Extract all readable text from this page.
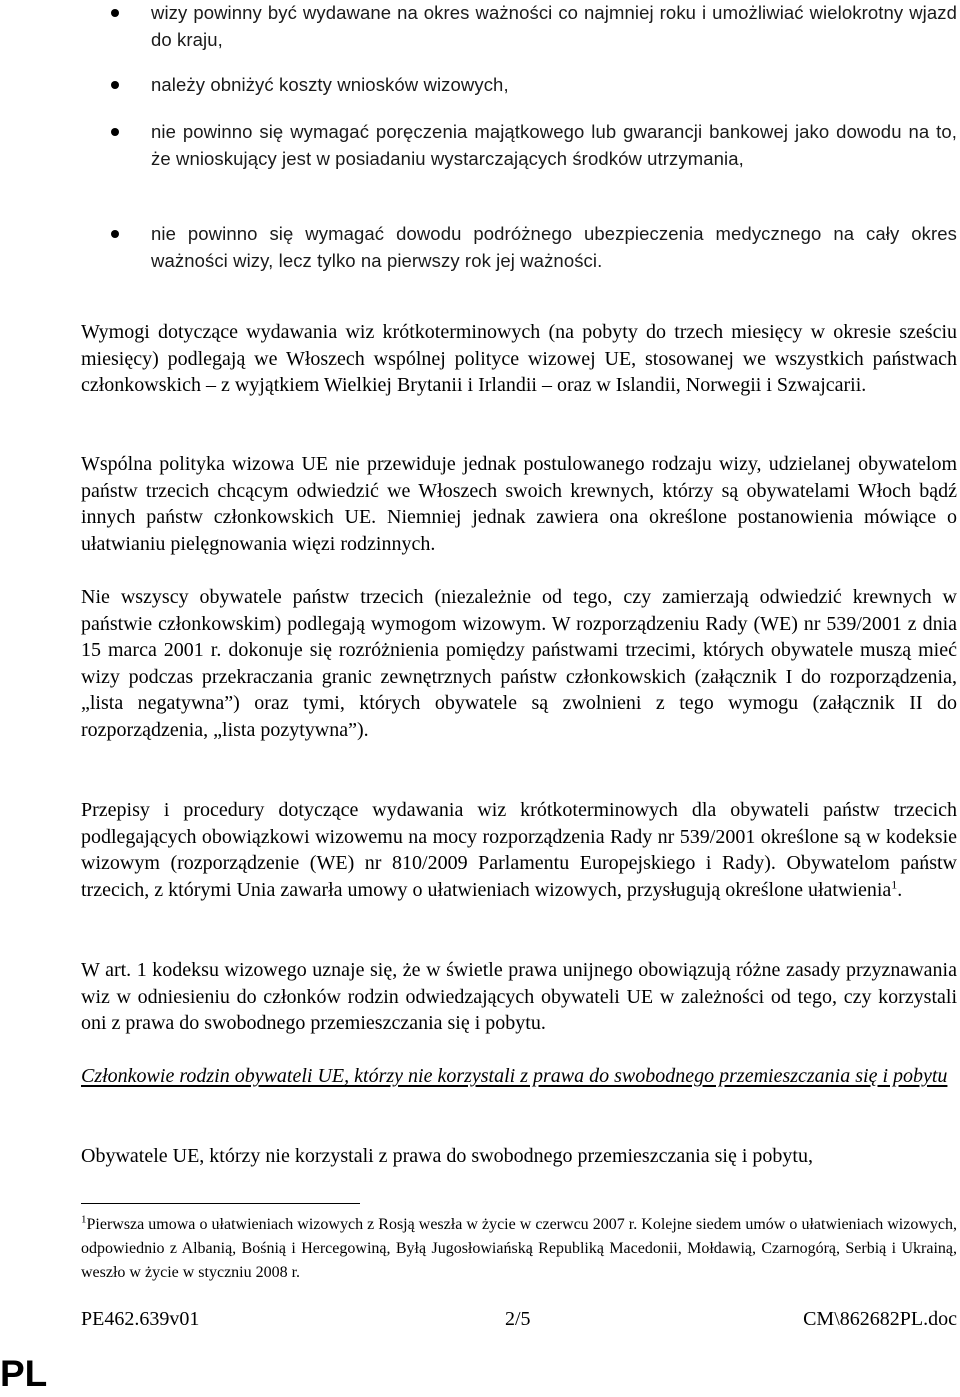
wizy powinny być wydawane na okres ważności co najmniej roku i umożliwiać wielokrotny wjazd do kraju,
należy obniżyć koszty wniosków wizowych,
nie powinno się wymagać poręczenia majątkowego lub gwarancji bankowej jako dowodu na to, że wnioskujący jest w posiadaniu wystarczających środków utrzymania,
nie powinno się wymagać dowodu podróżnego ubezpieczenia medycznego na cały okres ważności wizy, lecz tylko na pierwszy rok jej ważności.

Wymogi dotyczące wydawania wiz krótkoterminowych (na pobyty do trzech miesięcy w okresie sześciu miesięcy) podlegają we Włoszech wspólnej polityce wizowej UE, stosowanej we wszystkich państwach członkowskich – z wyjątkiem Wielkiej Brytanii i Irlandii – oraz w Islandii, Norwegii i Szwajcarii.

Wspólna polityka wizowa UE nie przewiduje jednak postulowanego rodzaju wizy, udzielanej obywatelom państw trzecich chcącym odwiedzić we Włoszech swoich krewnych, którzy są obywatelami Włoch bądź innych państw członkowskich UE. Niemniej jednak zawiera ona określone postanowienia mówiące o ułatwianiu pielęgnowania więzi rodzinnych.

Nie wszyscy obywatele państw trzecich (niezależnie od tego, czy zamierzają odwiedzić krewnych w państwie członkowskim) podlegają wymogom wizowym. W rozporządzeniu Rady (WE) nr 539/2001 z dnia 15 marca 2001 r. dokonuje się rozróżnienia pomiędzy państwami trzecimi, których obywatele muszą mieć wizy podczas przekraczania granic zewnętrznych państw członkowskich (załącznik I do rozporządzenia, „lista negatywna”) oraz tymi, których obywatele są zwolnieni z tego wymogu (załącznik II do rozporządzenia, „lista pozytywna”).

Przepisy i procedury dotyczące wydawania wiz krótkoterminowych dla obywateli państw trzecich podlegających obowiązkowi wizowemu na mocy rozporządzenia Rady nr 539/2001 określone są w kodeksie wizowym (rozporządzenie (WE) nr 810/2009 Parlamentu Europejskiego i Rady). Obywatelom państw trzecich, z którymi Unia zawarła umowy o ułatwieniach wizowych, przysługują określone ułatwienia$^1$.

W art. 1 kodeksu wizowego uznaje się, że w świetle prawa unijnego obowiązują różne zasady przyznawania wiz w odniesieniu do członków rodzin odwiedzających obywateli UE w zależności od tego, czy korzystali oni z prawa do swobodnego przemieszczania się i pobytu.

Członkowie rodzin obywateli UE, którzy nie korzystali z prawa do swobodnego przemieszczania się i pobytu

Obywatele UE, którzy nie korzystali z prawa do swobodnego przemieszczania się i pobytu,

$^1$Pierwsza umowa o ułatwieniach wizowych z Rosją weszła w życie w czerwcu 2007 r. Kolejne siedem umów o ułatwieniach wizowych, odpowiednio z Albanią, Bośnią i Hercegowiną, Byłą Jugosłowiańską Republiką Macedonii, Mołdawią, Czarnogórą, Serbią i Ukrainą, weszło w życie w styczniu 2008 r.

PE462.639v01	2/5	CM\862682PL.doc
PL
